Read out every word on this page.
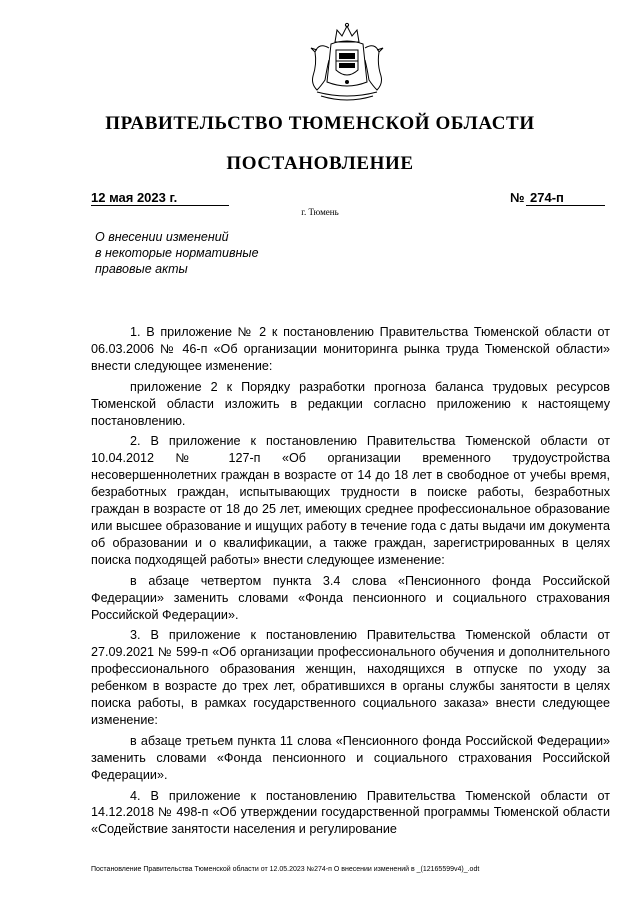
ПРАВИТЕЛЬСТВО ТЮМЕНСКОЙ ОБЛАСТИ
ПОСТАНОВЛЕНИЕ
12 мая 2023 г.	№ 274-п
г. Тюмень
О внесении изменений
в некоторые нормативные
правовые акты

1. В приложение № 2 к постановлению Правительства Тюменской области от 06.03.2006 № 46-п «Об организации мониторинга рынка труда Тюменской области» внести следующее изменение:

приложение 2 к Порядку разработки прогноза баланса трудовых ресурсов Тюменской области изложить в редакции согласно приложению к настоящему постановлению.

2. В приложение к постановлению Правительства Тюменской области от 10.04.2012 № 127-п «Об организации временного трудоустройства несовершеннолетних граждан в возрасте от 14 до 18 лет в свободное от учебы время, безработных граждан, испытывающих трудности в поиске работы, безработных граждан в возрасте от 18 до 25 лет, имеющих среднее профессиональное образование или высшее образование и ищущих работу в течение года с даты выдачи им документа об образовании и о квалификации, а также граждан, зарегистрированных в целях поиска подходящей работы» внести следующее изменение:

в абзаце четвертом пункта 3.4 слова «Пенсионного фонда Российской Федерации» заменить словами «Фонда пенсионного и социального страхования Российской Федерации».

3. В приложение к постановлению Правительства Тюменской области от 27.09.2021 № 599-п «Об организации профессионального обучения и дополнительного профессионального образования женщин, находящихся в отпуске по уходу за ребенком в возрасте до трех лет, обратившихся в органы службы занятости в целях поиска работы, в рамках государственного социального заказа» внести следующее изменение:

в абзаце третьем пункта 11 слова «Пенсионного фонда Российской Федерации» заменить словами «Фонда пенсионного и социального страхования Российской Федерации».

4. В приложение к постановлению Правительства Тюменской области от 14.12.2018 № 498-п «Об утверждении государственной программы Тюменской области «Содействие занятости населения и регулирование

Постановление Правительства Тюменской области от 12.05.2023 №274-п О внесении изменений в _(12165599v4)_.odt
